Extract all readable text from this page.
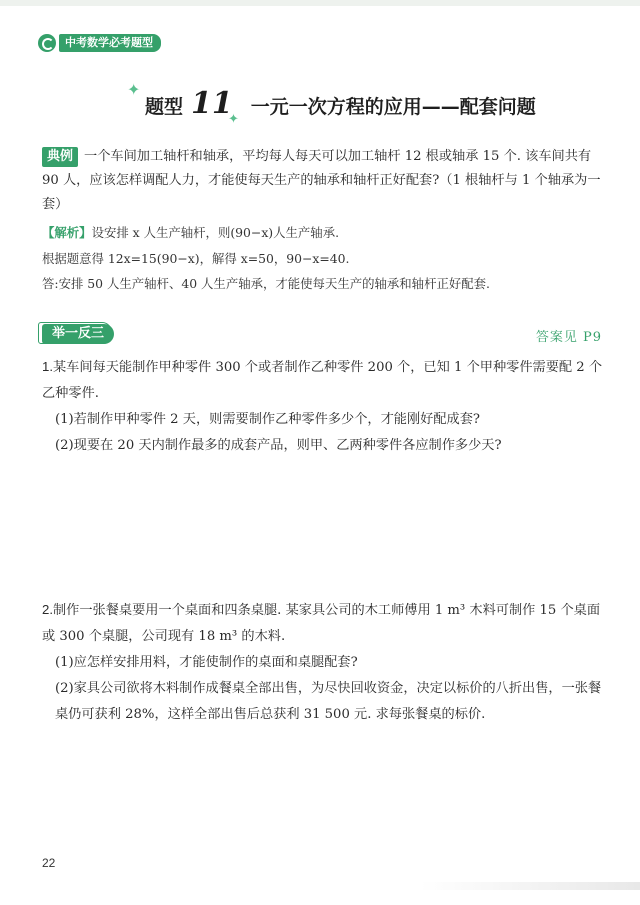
中考数学必考题型
✦
✦
题型 11 一元一次方程的应用——配套问题
典例 一个车间加工轴杆和轴承，平均每人每天可以加工轴杆 12 根或轴承 15 个. 该车间共有 90 人，应该怎样调配人力，才能使每天生产的轴承和轴杆正好配套?（1 根轴杆与 1 个轴承为一套）
【解析】设安排 x 人生产轴杆，则(90−x)人生产轴承.
根据题意得 12x=15(90−x)，解得 x=50，90−x=40.
答:安排 50 人生产轴杆、40 人生产轴承，才能使每天生产的轴承和轴杆正好配套.
举一反三	答案见 P9
1.某车间每天能制作甲种零件 300 个或者制作乙种零件 200 个，已知 1 个甲种零件需要配 2 个乙种零件.
(1)若制作甲种零件 2 天，则需要制作乙种零件多少个，才能刚好配成套?
(2)现要在 20 天内制作最多的成套产品，则甲、乙两种零件各应制作多少天?
2.制作一张餐桌要用一个桌面和四条桌腿. 某家具公司的木工师傅用 1 m³ 木料可制作 15 个桌面或 300 个桌腿，公司现有 18 m³ 的木料.
(1)应怎样安排用料，才能使制作的桌面和桌腿配套?
(2)家具公司欲将木料制作成餐桌全部出售，为尽快回收资金，决定以标价的八折出售，一张餐桌仍可获利 28%，这样全部出售后总获利 31 500 元. 求每张餐桌的标价.
22
